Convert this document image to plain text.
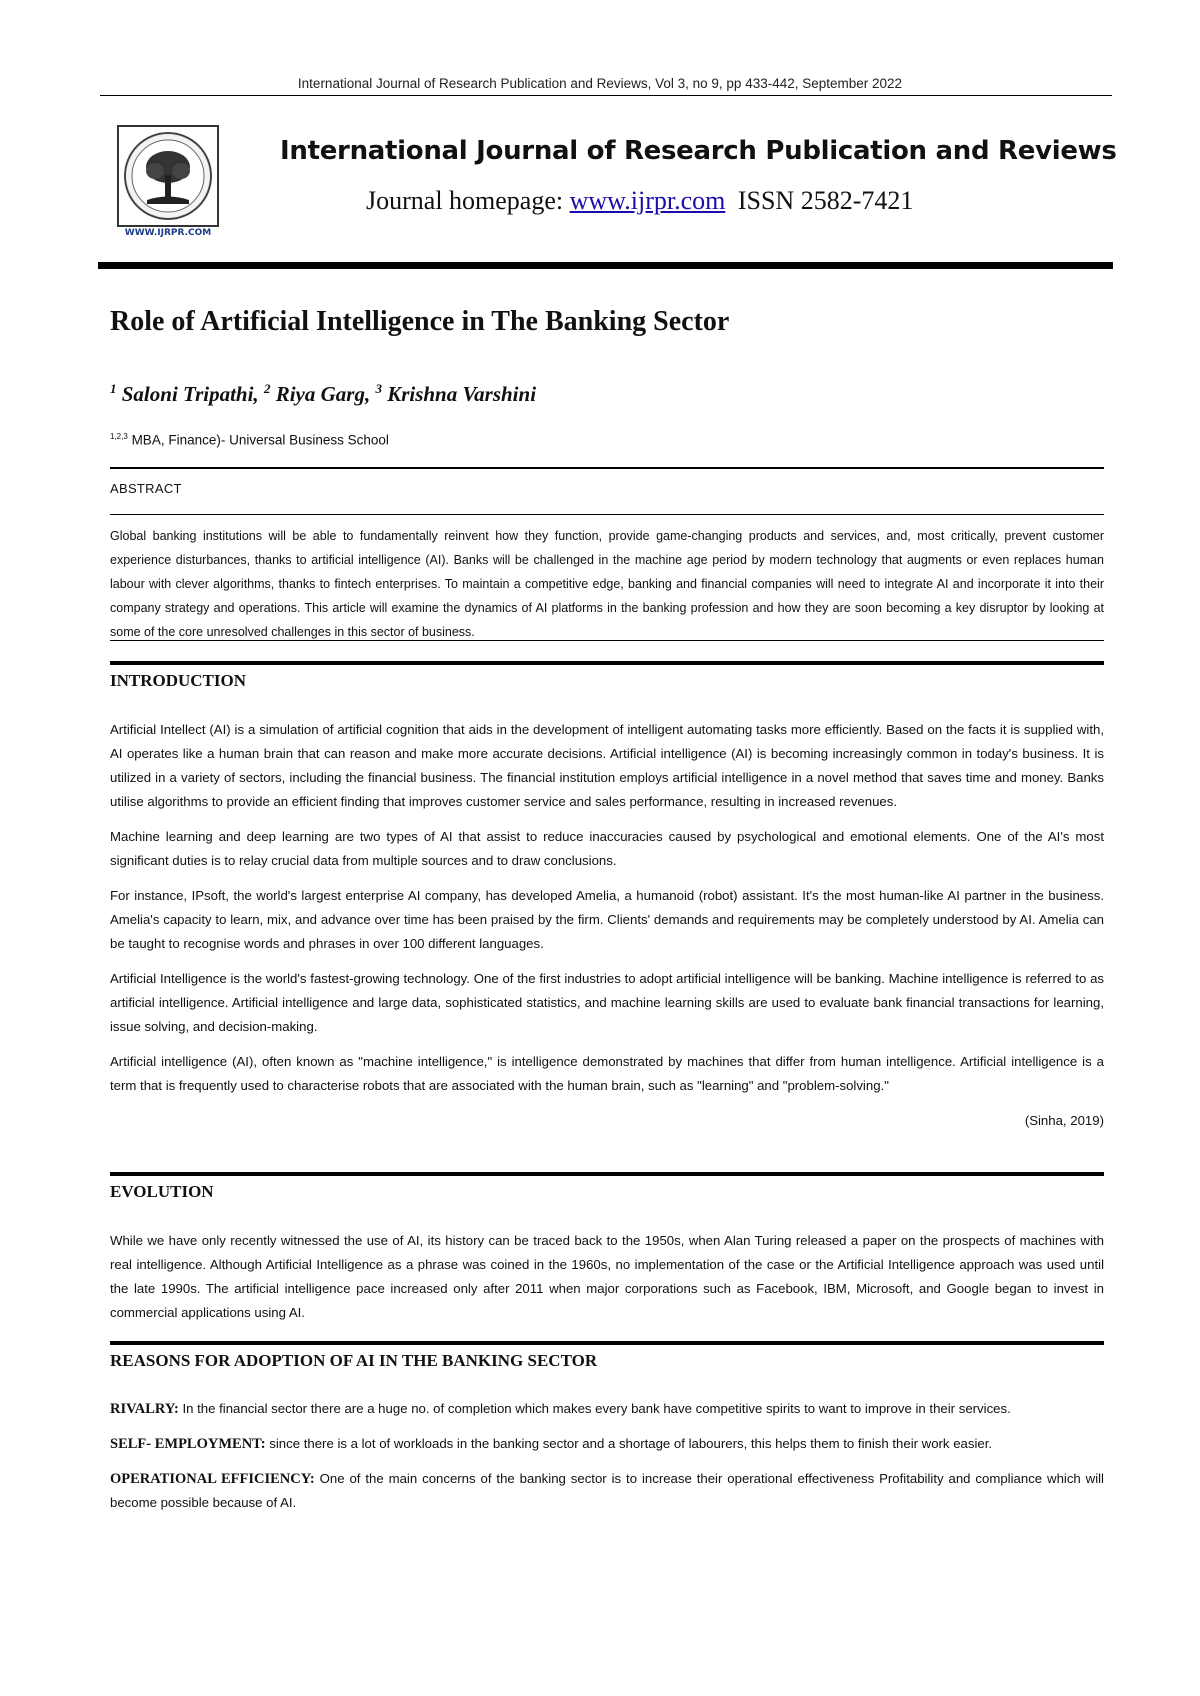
International Journal of Research Publication and Reviews, Vol 3, no 9, pp 433-442, September 2022
WWW.IJRPR.COM
International Journal of Research Publication and Reviews
Journal homepage: www.ijrpr.com ISSN 2582-7421
Role of Artificial Intelligence in The Banking Sector
$^1$ Saloni Tripathi, $^2$ Riya Garg, $^3$ Krishna Varshini
$^{1,2,3}$ MBA, Finance)- Universal Business School
ABSTRACT
Global banking institutions will be able to fundamentally reinvent how they function, provide game-changing products and services, and, most critically, prevent customer experience disturbances, thanks to artificial intelligence (AI). Banks will be challenged in the machine age period by modern technology that augments or even replaces human labour with clever algorithms, thanks to fintech enterprises. To maintain a competitive edge, banking and financial companies will need to integrate AI and incorporate it into their company strategy and operations. This article will examine the dynamics of AI platforms in the banking profession and how they are soon becoming a key disruptor by looking at some of the core unresolved challenges in this sector of business.
INTRODUCTION

Artificial Intellect (AI) is a simulation of artificial cognition that aids in the development of intelligent automating tasks more efficiently. Based on the facts it is supplied with, AI operates like a human brain that can reason and make more accurate decisions. Artificial intelligence (AI) is becoming increasingly common in today's business. It is utilized in a variety of sectors, including the financial business. The financial institution employs artificial intelligence in a novel method that saves time and money. Banks utilise algorithms to provide an efficient finding that improves customer service and sales performance, resulting in increased revenues.

Machine learning and deep learning are two types of AI that assist to reduce inaccuracies caused by psychological and emotional elements. One of the AI's most significant duties is to relay crucial data from multiple sources and to draw conclusions.

For instance, IPsoft, the world's largest enterprise AI company, has developed Amelia, a humanoid (robot) assistant. It's the most human-like AI partner in the business. Amelia's capacity to learn, mix, and advance over time has been praised by the firm. Clients' demands and requirements may be completely understood by AI. Amelia can be taught to recognise words and phrases in over 100 different languages.

Artificial Intelligence is the world's fastest-growing technology. One of the first industries to adopt artificial intelligence will be banking. Machine intelligence is referred to as artificial intelligence. Artificial intelligence and large data, sophisticated statistics, and machine learning skills are used to evaluate bank financial transactions for learning, issue solving, and decision-making.

Artificial intelligence (AI), often known as "machine intelligence," is intelligence demonstrated by machines that differ from human intelligence. Artificial intelligence is a term that is frequently used to characterise robots that are associated with the human brain, such as "learning" and "problem-solving."

(Sinha, 2019)

EVOLUTION

While we have only recently witnessed the use of AI, its history can be traced back to the 1950s, when Alan Turing released a paper on the prospects of machines with real intelligence. Although Artificial Intelligence as a phrase was coined in the 1960s, no implementation of the case or the Artificial Intelligence approach was used until the late 1990s. The artificial intelligence pace increased only after 2011 when major corporations such as Facebook, IBM, Microsoft, and Google began to invest in commercial applications using AI.

REASONS FOR ADOPTION OF AI IN THE BANKING SECTOR

RIVALRY: In the financial sector there are a huge no. of completion which makes every bank have competitive spirits to want to improve in their services.

SELF- EMPLOYMENT: since there is a lot of workloads in the banking sector and a shortage of labourers, this helps them to finish their work easier.

OPERATIONAL EFFICIENCY: One of the main concerns of the banking sector is to increase their operational effectiveness Profitability and compliance which will become possible because of AI.
